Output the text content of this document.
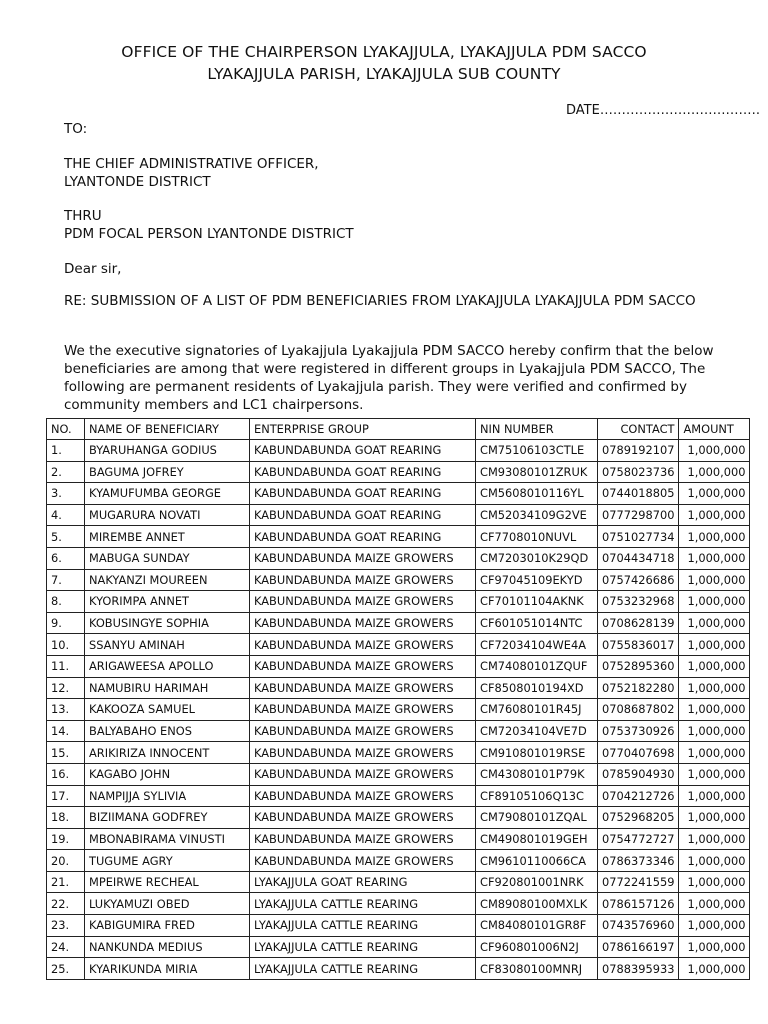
OFFICE OF THE CHAIRPERSON LYAKAJJULA, LYAKAJJULA PDM SACCO
LYAKAJJULA PARISH, LYAKAJJULA SUB COUNTY
DATE……………………………….
TO:
THE CHIEF ADMINISTRATIVE OFFICER,
LYANTONDE DISTRICT
THRU
PDM FOCAL PERSON LYANTONDE DISTRICT
Dear sir,
RE: SUBMISSION OF A LIST OF PDM BENEFICIARIES FROM LYAKAJJULA LYAKAJJULA PDM SACCO
We the executive signatories of Lyakajjula Lyakajjula PDM SACCO hereby confirm that the below beneficiaries are among that were registered in different groups in Lyakajjula PDM SACCO, The following are permanent residents of Lyakajjula parish. They were verified and confirmed by community members and LC1 chairpersons.
NO.	NAME OF BENEFICIARY	ENTERPRISE GROUP	NIN NUMBER	CONTACT	AMOUNT
1.	BYARUHANGA GODIUS	KABUNDABUNDA GOAT REARING	CM75106103CTLE	0789192107	1,000,000
2.	BAGUMA JOFREY	KABUNDABUNDA GOAT REARING	CM93080101ZRUK	0758023736	1,000,000
3.	KYAMUFUMBA GEORGE	KABUNDABUNDA GOAT REARING	CM5608010116YL	0744018805	1,000,000
4.	MUGARURA NOVATI	KABUNDABUNDA GOAT REARING	CM52034109G2VE	0777298700	1,000,000
5.	MIREMBE ANNET	KABUNDABUNDA GOAT REARING	CF7708010NUVL	0751027734	1,000,000
6.	MABUGA SUNDAY	KABUNDABUNDA MAIZE GROWERS	CM7203010K29QD	0704434718	1,000,000
7.	NAKYANZI MOUREEN	KABUNDABUNDA MAIZE GROWERS	CF97045109EKYD	0757426686	1,000,000
8.	KYORIMPA ANNET	KABUNDABUNDA MAIZE GROWERS	CF70101104AKNK	0753232968	1,000,000
9.	KOBUSINGYE SOPHIA	KABUNDABUNDA MAIZE GROWERS	CF601051014NTC	0708628139	1,000,000
10.	SSANYU AMINAH	KABUNDABUNDA MAIZE GROWERS	CF72034104WE4A	0755836017	1,000,000
11.	ARIGAWEESA APOLLO	KABUNDABUNDA MAIZE GROWERS	CM74080101ZQUF	0752895360	1,000,000
12.	NAMUBIRU HARIMAH	KABUNDABUNDA MAIZE GROWERS	CF8508010194XD	0752182280	1,000,000
13.	KAKOOZA SAMUEL	KABUNDABUNDA MAIZE GROWERS	CM76080101R45J	0708687802	1,000,000
14.	BALYABAHO ENOS	KABUNDABUNDA MAIZE GROWERS	CM72034104VE7D	0753730926	1,000,000
15.	ARIKIRIZA INNOCENT	KABUNDABUNDA MAIZE GROWERS	CM910801019RSE	0770407698	1,000,000
16.	KAGABO JOHN	KABUNDABUNDA MAIZE GROWERS	CM43080101P79K	0785904930	1,000,000
17.	NAMPIJJA SYLIVIA	KABUNDABUNDA MAIZE GROWERS	CF89105106Q13C	0704212726	1,000,000
18.	BIZIIMANA GODFREY	KABUNDABUNDA MAIZE GROWERS	CM79080101ZQAL	0752968205	1,000,000
19.	MBONABIRAMA VINUSTI	KABUNDABUNDA MAIZE GROWERS	CM490801019GEH	0754772727	1,000,000
20.	TUGUME AGRY	KABUNDABUNDA MAIZE GROWERS	CM9610110066CA	0786373346	1,000,000
21.	MPEIRWE RECHEAL	LYAKAJJULA GOAT REARING	CF920801001NRK	0772241559	1,000,000
22.	LUKYAMUZI OBED	LYAKAJJULA CATTLE REARING	CM89080100MXLK	0786157126	1,000,000
23.	KABIGUMIRA FRED	LYAKAJJULA CATTLE REARING	CM84080101GR8F	0743576960	1,000,000
24.	NANKUNDA MEDIUS	LYAKAJJULA CATTLE REARING	CF960801006N2J	0786166197	1,000,000
25.	KYARIKUNDA MIRIA	LYAKAJJULA CATTLE REARING	CF83080100MNRJ	0788395933	1,000,000
